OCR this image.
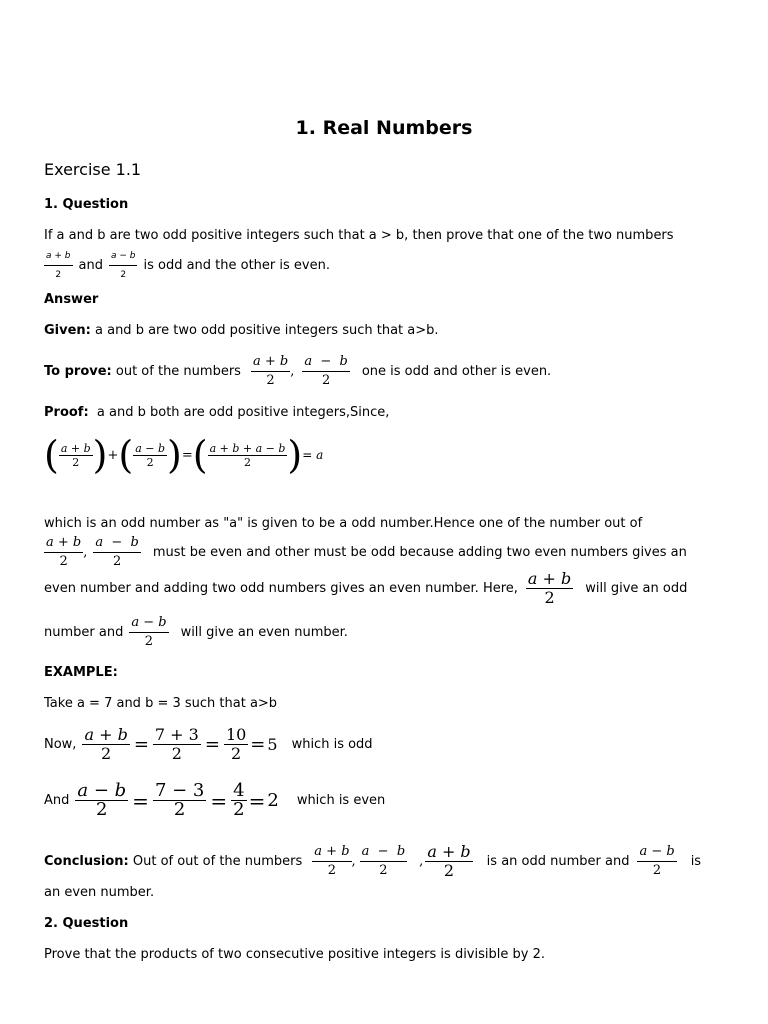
1. Real Numbers
Exercise 1.1
1. Question
If a and b are two odd positive integers such that a > b, then prove that one of the two numbers
$\frac{a + b}{2}$ and $\frac{a - b}{2}$ is odd and the other is even.
Answer
Given: a and b are two odd positive integers such that a>b.
To prove: out of the numbers $\frac{a + b}{2}$ , $\frac{a - b}{2}$ one is odd and other is even.
Proof:  a and b both are odd positive integers,Since,
( $\frac{a + b}{2}$ ) + ( $\frac{a - b}{2}$ ) = ( $\frac{a + b + a - b}{2}$ ) = a
which is an odd number as "a" is given to be a odd number.Hence one of the number out of
$\frac{a + b}{2}$ , $\frac{a - b}{2}$ must be even and other must be odd because adding two even numbers gives an
even number and adding two odd numbers gives an even number. Here, $\frac{a + b}{2}$ will give an odd
number and $\frac{a - b}{2}$ will give an even number.
EXAMPLE:
Take a = 7 and b = 3 such that a>b
Now, $\frac{a + b}{2} = \frac{7 + 3}{2} = \frac{10}{2} = 5$ which is odd
And $\frac{a - b}{2} = \frac{7 - 3}{2} = \frac{4}{2} = 2$ which is even
Conclusion: Out of out of the numbers $\frac{a + b}{2}$ , $\frac{a - b}{2}$ , $\frac{a + b}{2}$ is an odd number and $\frac{a - b}{2}$ is
an even number.
2. Question
Prove that the products of two consecutive positive integers is divisible by 2.
